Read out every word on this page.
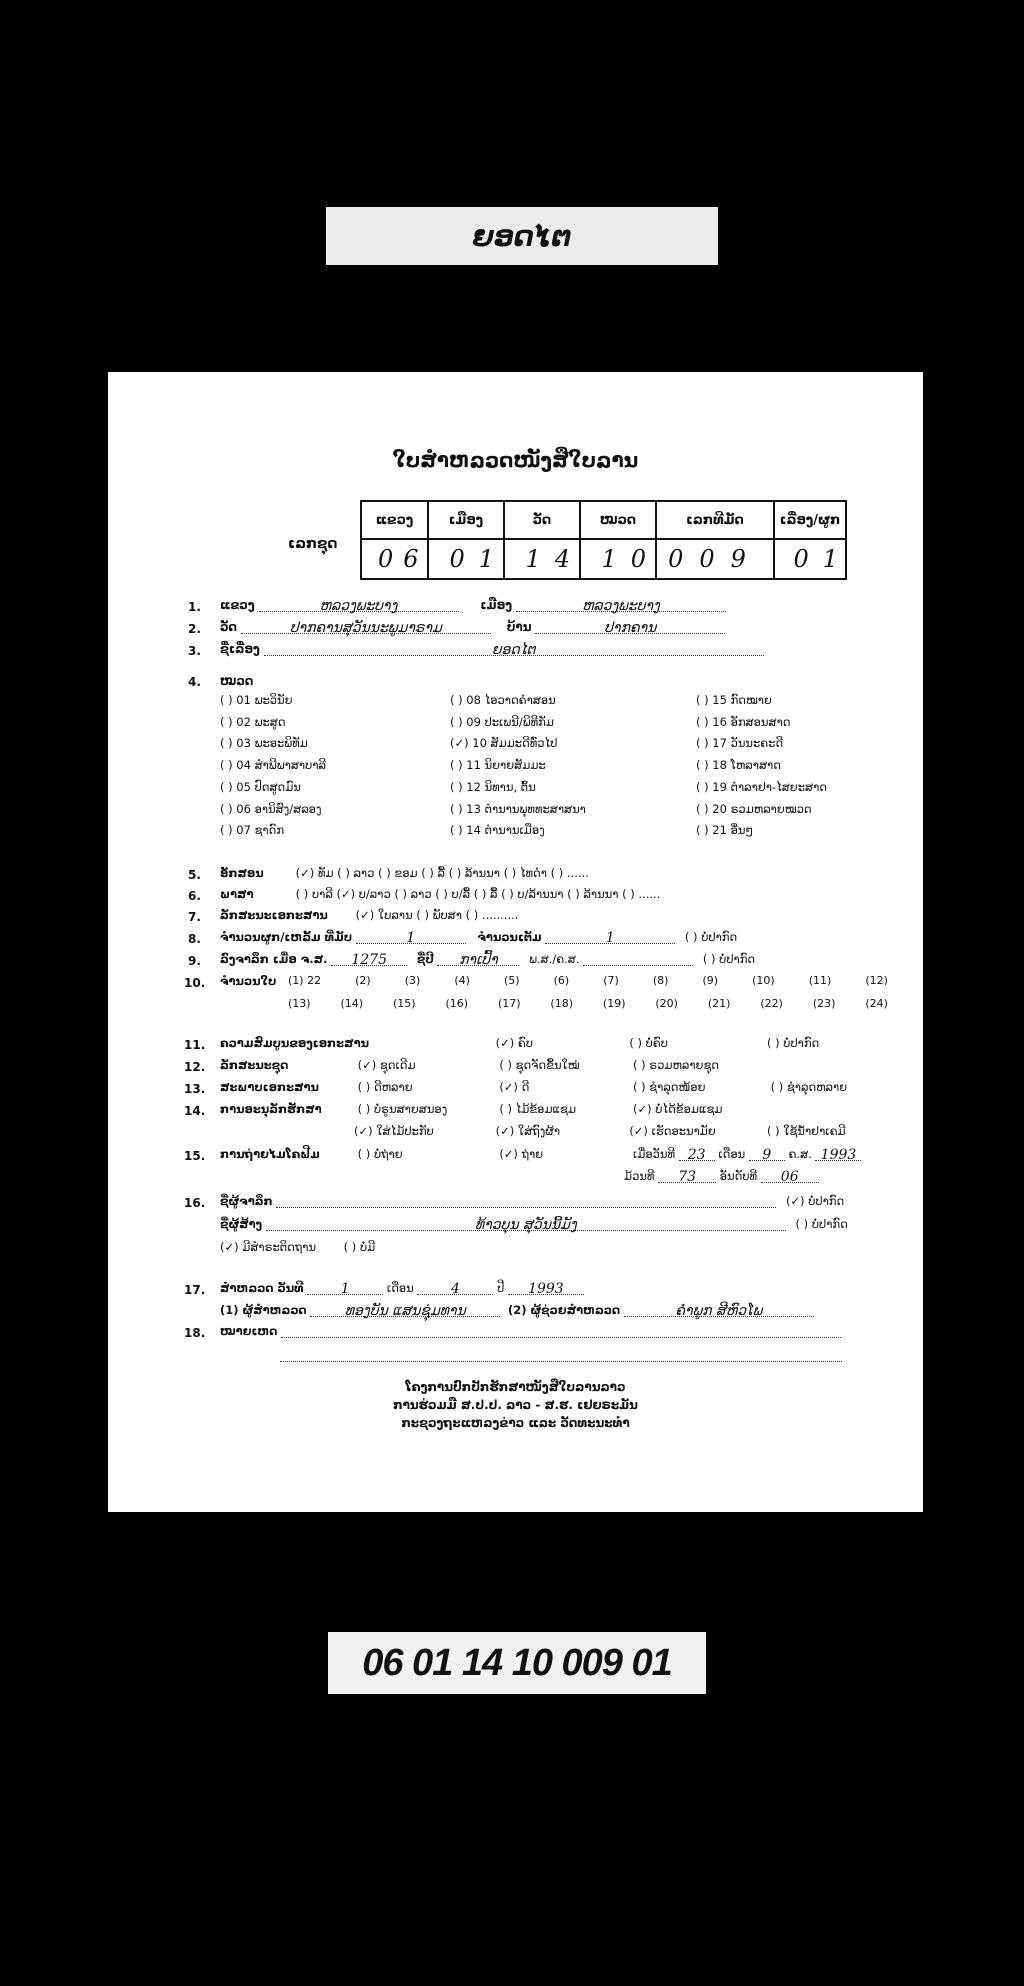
ຍອດໄຕ
ໃບສຳຫລວດໜັງສືໃບລານ
ເລກຊຸດ
ແຂວງ	ເມືອງ	ວັດ	ໝວດ	ເລກທີມັດ	ເລື່ອງ/ຜູກ
06	01	14	10	009	01
1. ແຂວງ	ຫລວງພະບາງ	ເມືອງ	ຫລວງພະບາງ
2. ວັດ	ປາກຄານສຸວັນນະພູມາຣາມ	ບ້ານ	ປາກຄານ
3. ຊື່ເລື່ອງ	ຍອດໄຕ
4. ໝວດ
( ) 01 ພະວິນັຍ
( ) 02 ພະສູດ
( ) 03 ພະອະພິທັມ
( ) 04 ສຳພີພາສາບາລີ
( ) 05 ປົດສູດມົນ
( ) 06 ອານິສົງ/ສລອງ
( ) 07 ຊາດົກ
( ) 08 ໄອວາດຄຳສອນ
( ) 09 ປະເພນີ/ພິທີກັມ
(✓) 10 ສັມມະດີທົ່ວໄປ
( ) 11 ນິຍາຍສັມມະ
( ) 12 ນິທານ, ຕົ້ນ
( ) 13 ຕຳນານພຸທທະສາສນາ
( ) 14 ຕຳນານເມືອງ
( ) 15 ກົດໝາຍ
( ) 16 ອັກສອນສາດ
( ) 17 ວັນນະຄະດີ
( ) 18 ໂຫລາສາດ
( ) 19 ຕຳລາຢາ-ໄສຍະສາດ
( ) 20 ຣວມຫລາຍໝວດ
( ) 21 ອື່ນໆ
5. ອັກສອນ	(✓) ທັມ ( ) ລາວ ( ) ຂອມ ( ) ລື້ ( ) ລ້ານນາ ( ) ໄທດຳ ( ) ......
6. ພາສາ	( ) ບາລີ (✓) ບ/ລາວ ( ) ລາວ ( ) ບ/ລື້ ( ) ລື້ ( ) ບ/ລ້ານນາ ( ) ລ້ານນາ ( ) ......
7. ລັກສະນະເອກະສານ (✓) ໃບລານ ( ) ພັບສາ ( ) ..........
8. ຈຳນວນຜູກ/ເຫລັ້ມ ທີ່ມັບ	1	ຈຳນວນເຕັມ	1	( ) ບໍ່ປາກົດ
9. ລົງຈາລຶກ ເມື່ອ ຈ.ສ. 1275	ຊື່ປີ ກາເປົ້າ	ພ.ສ./ຄ.ສ.	( ) ບໍ່ປາກົດ
10. ຈຳນວນໃບ (1) 22	(2)	(3)	(4)	(5)	(6)	(7)	(8)	(9)	(10)	(11)	(12)
(13)	(14)	(15)	(16)	(17)	(18)	(19)	(20)	(21)	(22)	(23)	(24)
11. ຄວາມສົມບູນຂອງເອກະສານ	(✓) ຄົບ	( ) ບໍ່ຄົບ	( ) ບໍ່ປາກົດ
12. ລັກສະນະຊຸດ	(✓) ຊຸດເດີມ	( ) ຊຸດຈັດຂຶ້ນໃໝ່	( ) ຣວມຫລາຍຊຸດ
13. ສະພາບເອກະສານ	( ) ດີຫລາຍ	(✓) ດີ	( ) ຊຳລຸດໜ້ອຍ	( ) ຊຳລຸດຫລາຍ
14. ການອະນຸລັກຮັກສາ	( ) ບໍ່ຣູນສາຍສນອງ	( ) ໄມ້ຂ້ອມແຊມ	(✓) ບໍ່ໄດ້ຂ້ອມແຊມ
(✓) ໃສ່ໄມ້ປະກັບ	(✓) ໃສ່ຖົງຜ້າ	(✓) ເຮັດອະນາມັຍ	( ) ໃຊ້ນ້ຳຢາເຄມີ
15. ການຖ່າຍໄມໂຄຟີມ	( ) ບໍ່ຖ່າຍ	(✓) ຖ່າຍ	ເມື່ອວັນທີ 23 ເດືອນ 9 ຄ.ສ. 1993
ມ້ວນທີ 73 ອັນດັບທີ 06
16. ຊື່ຜູ້ຈາລຶກ	(✓) ບໍ່ປາກົດ
ຊື່ຜູ້ສ້າງ	ທ້າວບຸນ ສຸວັນນີ້ມັງ	( ) ບໍ່ປາກົດ
(✓) ມີສຳຣະຕິດຖານ ( ) ບໍ່ມີ
17. ສຳຫລວດ ວັນທີ	1	ເດືອນ	4	ປີ 1993
(1) ຜູ້ສຳຫລວດ	ທອງບັນ ແສນຊຸ່ມທານ	(2) ຜູ້ຊ່ວຍສຳຫລວດ	ຄຳພູກ ສີຫົວໂພ
18. ໝາຍເຫດ
ໂຄງການປົກປັກຮັກສາໜັງສືໃບລານລາວ
ການຮ່ວມມື ສ.ປ.ປ. ລາວ - ສ.ຮ. ເຢຍຣະມັນ
ກະຊວງຖະແຫລງຂ່າວ ແລະ ວັດທະນະທຳ
06 01 14 10 009 01
